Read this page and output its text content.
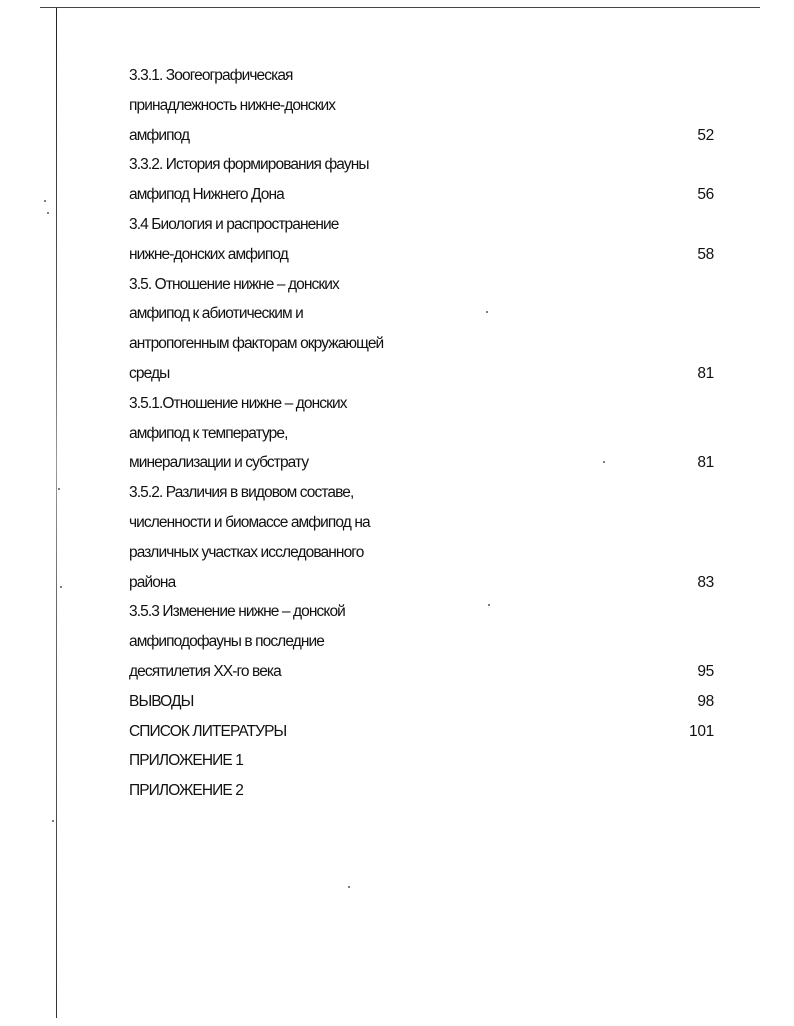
3.3.1. Зоогеографическая
принадлежность нижне-донских
амфипод	52
3.3.2. История формирования фауны
амфипод Нижнего Дона	56
3.4 Биология и распространение
нижне-донских амфипод	58
3.5. Отношение нижне – донских
амфипод к абиотическим и
антропогенным факторам окружающей
среды	81
3.5.1.Отношение нижне – донских
амфипод к температуре,
минерализации и субстрату	81
3.5.2. Различия в видовом составе,
численности и биомассе амфипод на
различных участках исследованного
района	83
3.5.3 Изменение нижне – донской
амфиподофауны в последние
десятилетия XX-го века	95
ВЫВОДЫ	98
СПИСОК ЛИТЕРАТУРЫ	101
ПРИЛОЖЕНИЕ 1
ПРИЛОЖЕНИЕ 2
